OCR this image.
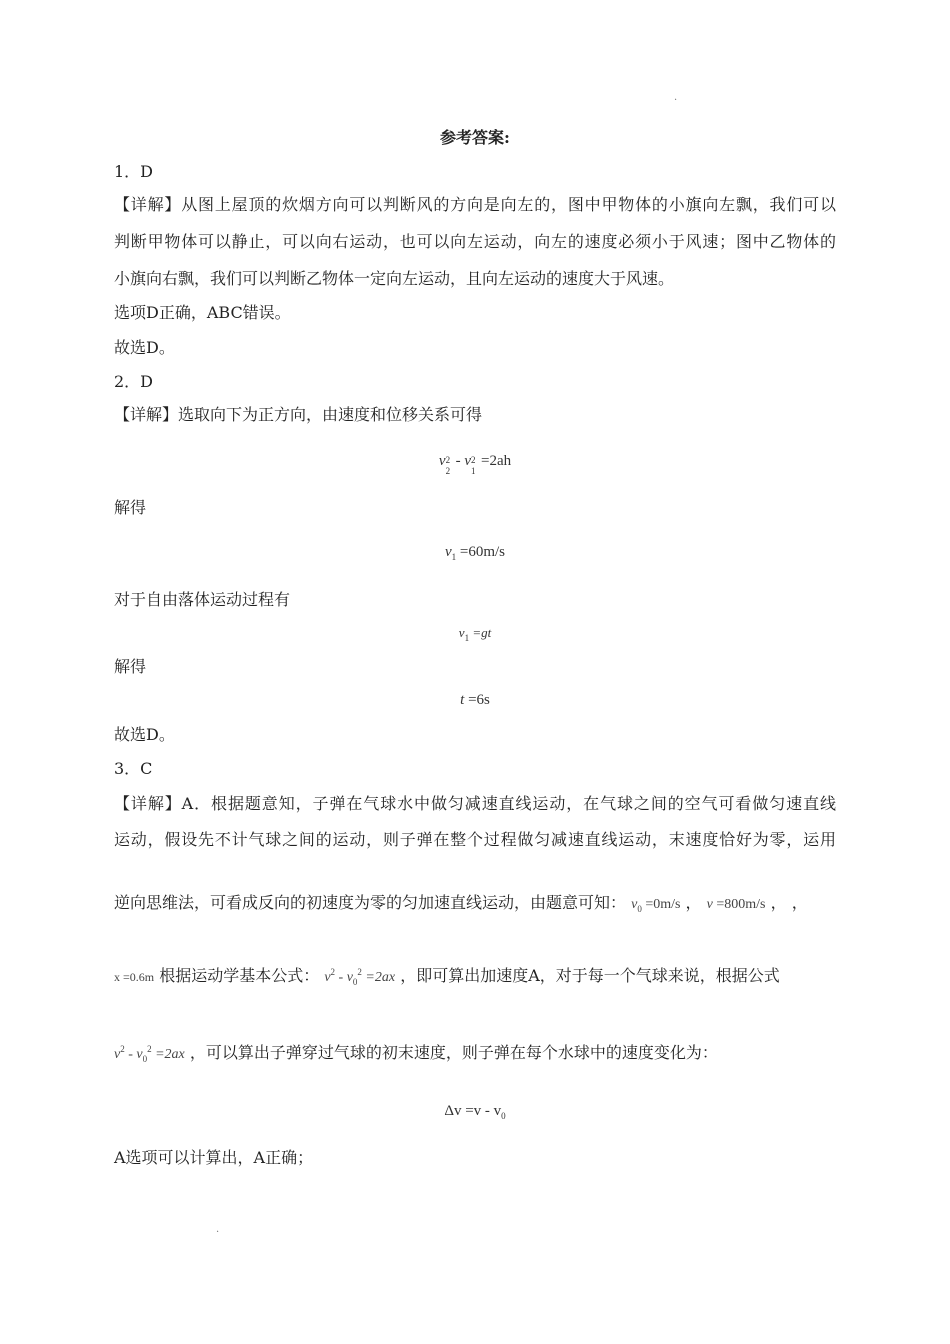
.
参考答案:
1．D
【详解】从图上屋顶的炊烟方向可以判断风的方向是向左的，图中甲物体的小旗向左飘，我们可以
判断甲物体可以静止，可以向右运动，也可以向左运动，向左的速度必须小于风速；图中乙物体的
小旗向右飘，我们可以判断乙物体一定向左运动，且向左运动的速度大于风速。
选项D正确，ABC错误。
故选D。
2．D
【详解】选取向下为正方向，由速度和位移关系可得
v 2
2
- v 2
1
=2ah
解得
$v_1 =60m/s$
对于自由落体运动过程有
$v_1 =gt$
解得
t =6s
故选D。
3．C
【详解】A．根据题意知，子弹在气球水中做匀减速直线运动，在气球之间的空气可看做匀速直线
运动，假设先不计气球之间的运动，则子弹在整个过程做匀减速直线运动，末速度恰好为零，运用
逆向思维法，可看成反向的初速度为零的匀加速直线运动，由题意可知： $v_0 =0m/s$ ， v =800m/s ， ，
x =0.6m 根据运动学基本公式： $v^2 - v_0^2 =2ax$ ，即可算出加速度A，对于每一个气球来说，根据公式
$v^2 - v_0^2 =2ax$ ，可以算出子弹穿过气球的初末速度，则子弹在每个水球中的速度变化为：
$\Delta v =v - v_0$
A选项可以计算出，A正确；
.
